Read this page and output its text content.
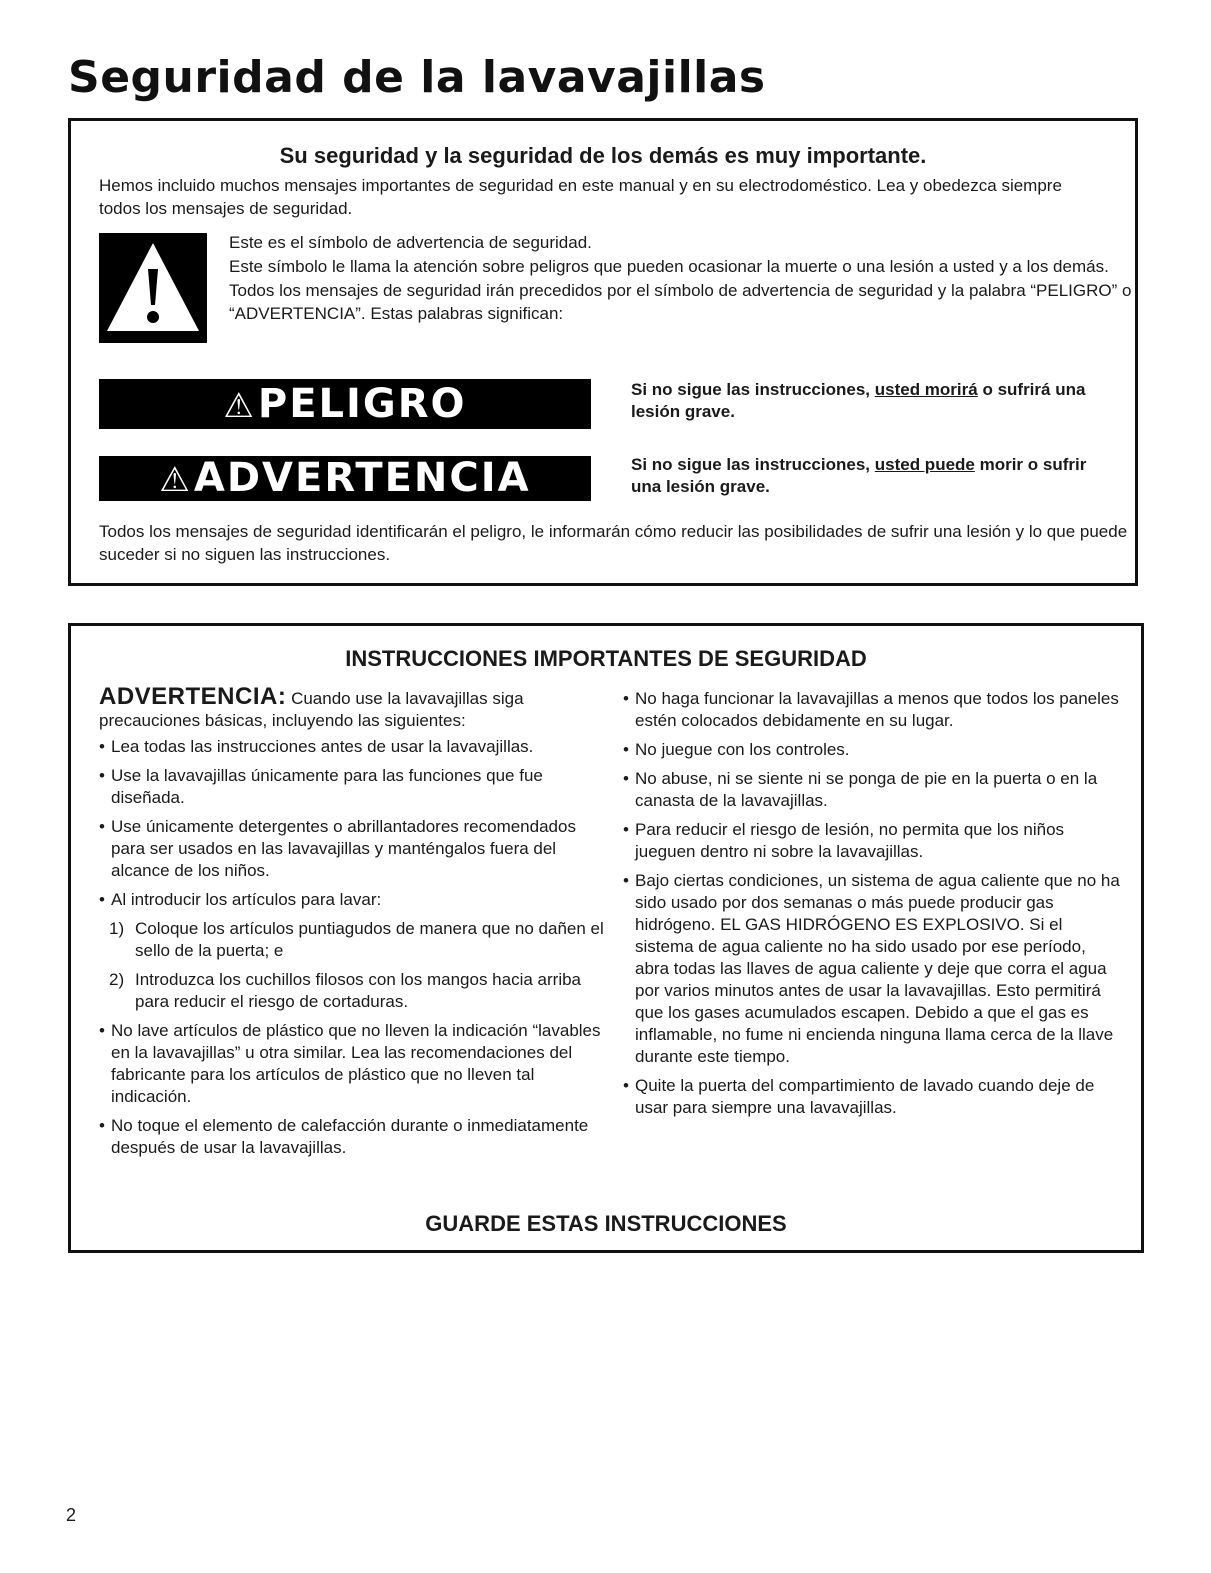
Seguridad de la lavavajillas

Su seguridad y la seguridad de los demás es muy importante.

Hemos incluido muchos mensajes importantes de seguridad en este manual y en su electrodoméstico. Lea y obedezca siempre todos los mensajes de seguridad.

Este es el símbolo de advertencia de seguridad.

Este símbolo le llama la atención sobre peligros que pueden ocasionar la muerte o una lesión a usted y a los demás.

Todos los mensajes de seguridad irán precedidos por el símbolo de advertencia de seguridad y la palabra “PELIGRO” o “ADVERTENCIA”. Estas palabras significan:

⚠PELIGRO	Si no sigue las instrucciones, usted morirá o sufrirá una lesión grave.

⚠ADVERTENCIA	Si no sigue las instrucciones, usted puede morir o sufrir una lesión grave.

Todos los mensajes de seguridad identificarán el peligro, le informarán cómo reducir las posibilidades de sufrir una lesión y lo que puede suceder si no siguen las instrucciones.

INSTRUCCIONES IMPORTANTES DE SEGURIDAD

ADVERTENCIA: Cuando use la lavavajillas siga precauciones básicas, incluyendo las siguientes:

• Lea todas las instrucciones antes de usar la lavavajillas.

• Use la lavavajillas únicamente para las funciones que fue diseñada.

• Use únicamente detergentes o abrillantadores recomendados para ser usados en las lavavajillas y manténgalos fuera del alcance de los niños.

• Al introducir los artículos para lavar:

1) Coloque los artículos puntiagudos de manera que no dañen el sello de la puerta; e

2) Introduzca los cuchillos filosos con los mangos hacia arriba para reducir el riesgo de cortaduras.

• No lave artículos de plástico que no lleven la indicación “lavables en la lavavajillas” u otra similar. Lea las recomendaciones del fabricante para los artículos de plástico que no lleven tal indicación.

• No toque el elemento de calefacción durante o inmediatamente después de usar la lavavajillas.

• No haga funcionar la lavavajillas a menos que todos los paneles estén colocados debidamente en su lugar.

• No juegue con los controles.

• No abuse, ni se siente ni se ponga de pie en la puerta o en la canasta de la lavavajillas.

• Para reducir el riesgo de lesión, no permita que los niños jueguen dentro ni sobre la lavavajillas.

• Bajo ciertas condiciones, un sistema de agua caliente que no ha sido usado por dos semanas o más puede producir gas hidrógeno. EL GAS HIDRÓGENO ES EXPLOSIVO. Si el sistema de agua caliente no ha sido usado por ese período, abra todas las llaves de agua caliente y deje que corra el agua por varios minutos antes de usar la lavavajillas. Esto permitirá que los gases acumulados escapen. Debido a que el gas es inflamable, no fume ni encienda ninguna llama cerca de la llave durante este tiempo.

• Quite la puerta del compartimiento de lavado cuando deje de usar para siempre una lavavajillas.

GUARDE ESTAS INSTRUCCIONES

2
